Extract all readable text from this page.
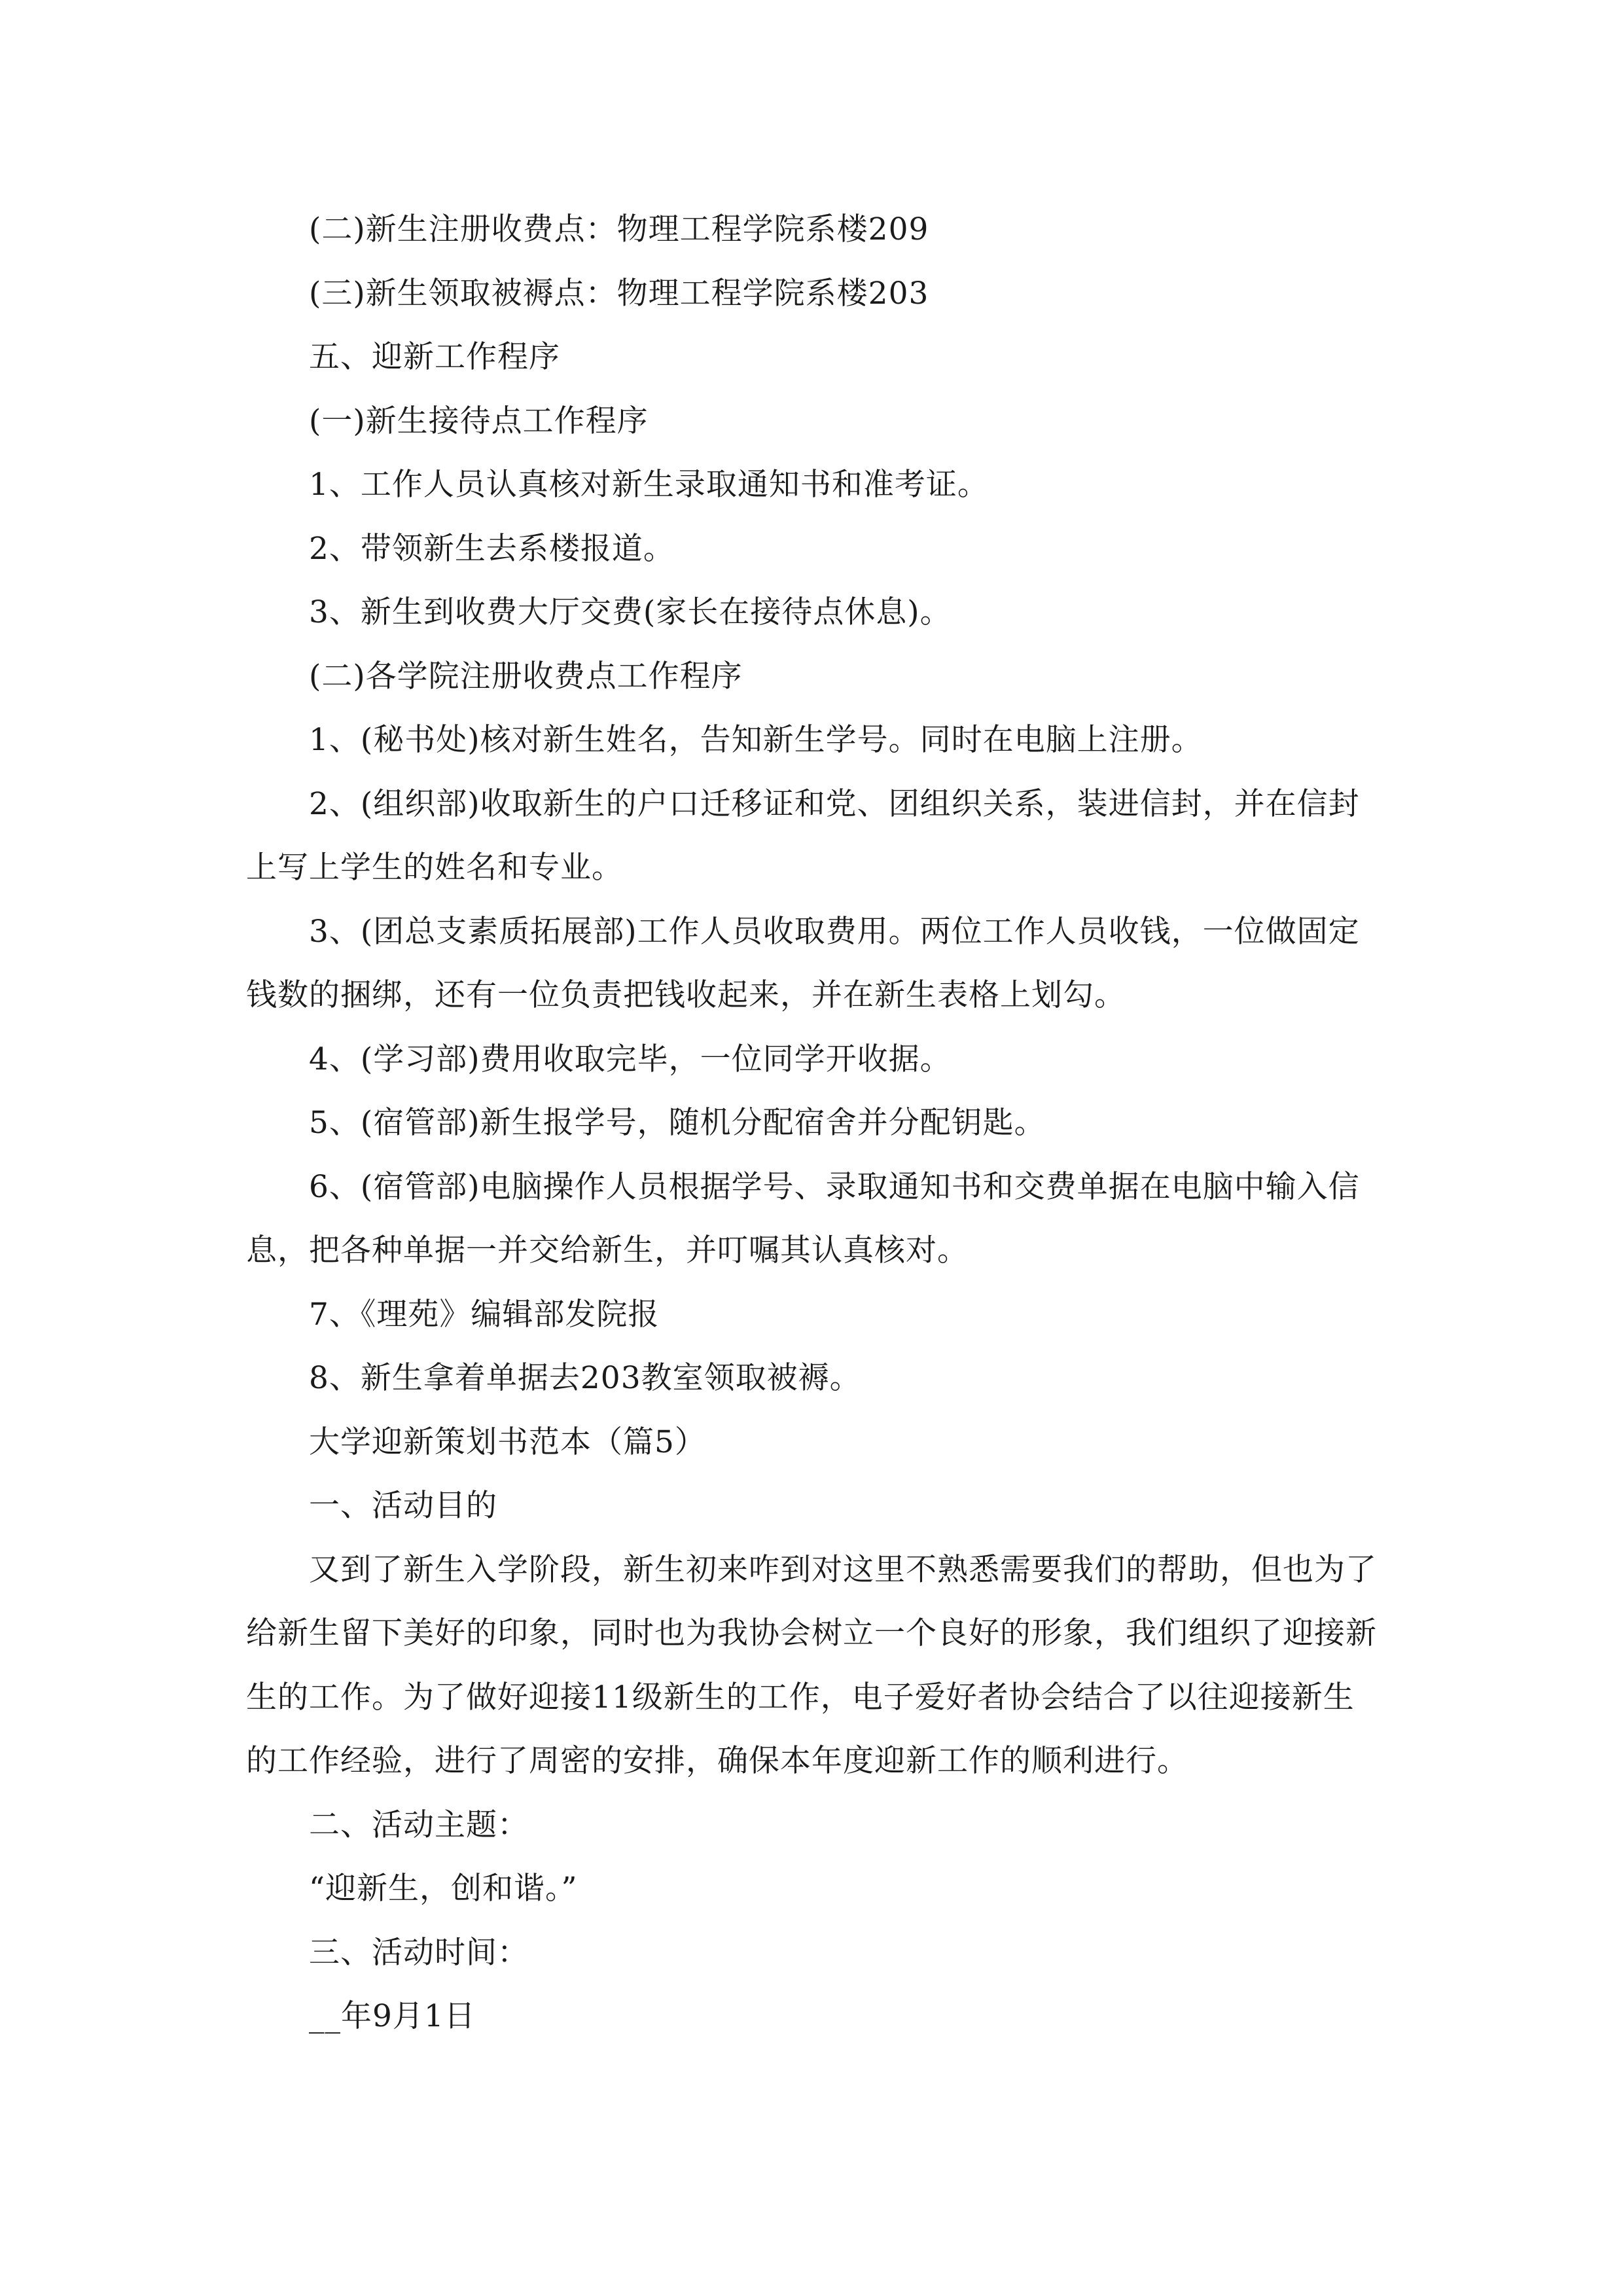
(二)新生注册收费点：物理工程学院系楼209

(三)新生领取被褥点：物理工程学院系楼203

五、迎新工作程序

(一)新生接待点工作程序

1、工作人员认真核对新生录取通知书和准考证。

2、带领新生去系楼报道。

3、新生到收费大厅交费(家长在接待点休息)。

(二)各学院注册收费点工作程序

1、(秘书处)核对新生姓名，告知新生学号。同时在电脑上注册。

2、(组织部)收取新生的户口迁移证和党、团组织关系，装进信封，并在信封上写上学生的姓名和专业。

3、(团总支素质拓展部)工作人员收取费用。两位工作人员收钱，一位做固定钱数的捆绑，还有一位负责把钱收起来，并在新生表格上划勾。

4、(学习部)费用收取完毕，一位同学开收据。

5、(宿管部)新生报学号，随机分配宿舍并分配钥匙。

6、(宿管部)电脑操作人员根据学号、录取通知书和交费单据在电脑中输入信息，把各种单据一并交给新生，并叮嘱其认真核对。

7、《理苑》编辑部发院报

8、新生拿着单据去203教室领取被褥。

大学迎新策划书范本（篇5）

一、活动目的

又到了新生入学阶段，新生初来咋到对这里不熟悉需要我们的帮助，但也为了给新生留下美好的印象，同时也为我协会树立一个良好的形象，我们组织了迎接新生的工作。为了做好迎接11级新生的工作，电子爱好者协会结合了以往迎接新生的工作经验，进行了周密的安排，确保本年度迎新工作的顺利进行。

二、活动主题：

“迎新生，创和谐。”

三、活动时间：

__年9月1日
